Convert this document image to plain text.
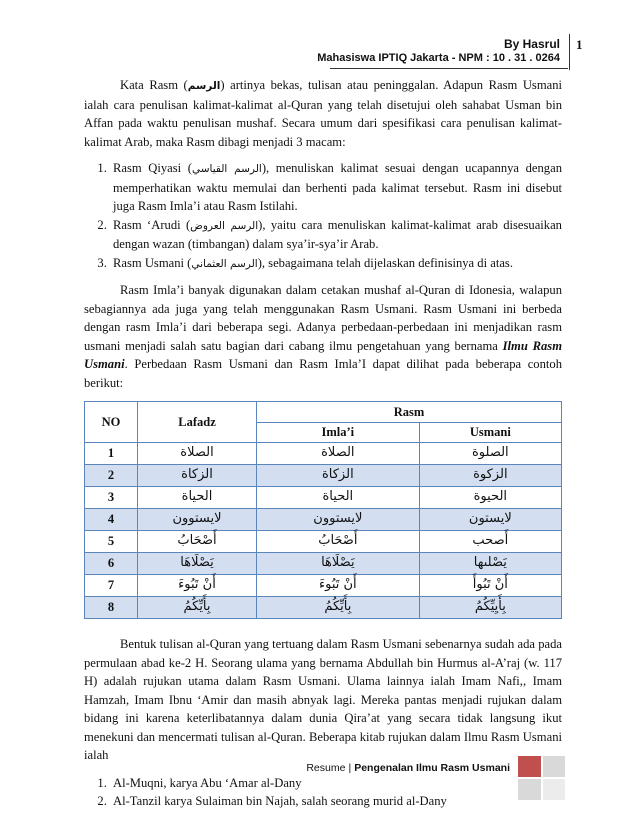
By Hasrul
Mahasiswa IPTIQ Jakarta - NPM : 10 . 31 . 0264
1

Kata Rasm (الرسم) artinya bekas, tulisan atau peninggalan. Adapun Rasm Usmani ialah cara penulisan kalimat-kalimat al-Quran yang telah disetujui oleh sahabat Usman bin Affan pada waktu penulisan mushaf. Secara umum dari spesifikasi cara penulisan kalimat-kalimat Arab, maka Rasm dibagi menjadi 3 macam:

1. Rasm Qiyasi (الرسم القياسي), menuliskan kalimat sesuai dengan ucapannya dengan memperhatikan waktu memulai dan berhenti pada kalimat tersebut. Rasm ini disebut juga Rasm Imla’i atau Rasm Istilahi.
2. Rasm ‘Arudi (الرسم العروض), yaitu cara menuliskan kalimat-kalimat arab disesuaikan dengan wazan (timbangan) dalam sya’ir-sya’ir Arab.
3. Rasm Usmani (الرسم العثماني), sebagaimana telah dijelaskan definisinya di atas.

Rasm Imla’i banyak digunakan dalam cetakan mushaf al-Quran di Idonesia, walapun sebagiannya ada juga yang telah menggunakan Rasm Usmani. Rasm Usmani ini berbeda dengan rasm Imla’i dari beberapa segi. Adanya perbedaan-perbedaan ini menjadikan rasm usmani menjadi salah satu bagian dari cabang ilmu pengetahuan yang bernama Ilmu Rasm Usmani. Perbedaan Rasm Usmani dan Rasm Imla’I dapat dilihat pada beberapa contoh berikut:

NO	Lafadz	Rasm	
		Imla’i	Usmani
1	الصلاة	الصلاة	الصلوة
2	الزكاة	الزكاة	الزكوة
3	الحياة	الحياة	الحيوة
4	لايستوون	لايستوون	لايستون
5	أَصْحَابُ	أَصْحَابُ	أَصحب
6	يَصْلَاهَا	يَصْلَاهَا	يَصْلىها
7	أَنْ تَبُوءَ	أَنْ تَبُوءَ	أَنْ تَبُوأَ
8	بِأَيِّكُمُ	بِأَيِّكُمُ	بِأَيِيِّكُمُ

Bentuk tulisan al-Quran yang tertuang dalam Rasm Usmani sebenarnya sudah ada pada permulaan abad ke-2 H. Seorang ulama yang bernama Abdullah bin Hurmus al-A’raj (w. 117 H) adalah rujukan utama dalam Rasm Usmani. Ulama lainnya ialah Imam Nafi,, Imam Hamzah, Imam Ibnu ‘Amir dan masih abnyak lagi. Mereka pantas menjadi rujukan dalam bidang ini karena keterlibatannya dalam dunia Qira’at yang secara tidak langsung ikut menekuni dan mencermati tulisan al-Quran. Beberapa kitab rujukan dalam Ilmu Rasm Usmani ialah

1. Al-Muqni, karya Abu ‘Amar al-Dany
2. Al-Tanzil karya Sulaiman bin Najah, salah seorang murid al-Dany
Resume | Pengenalan Ilmu Rasm Usmani
